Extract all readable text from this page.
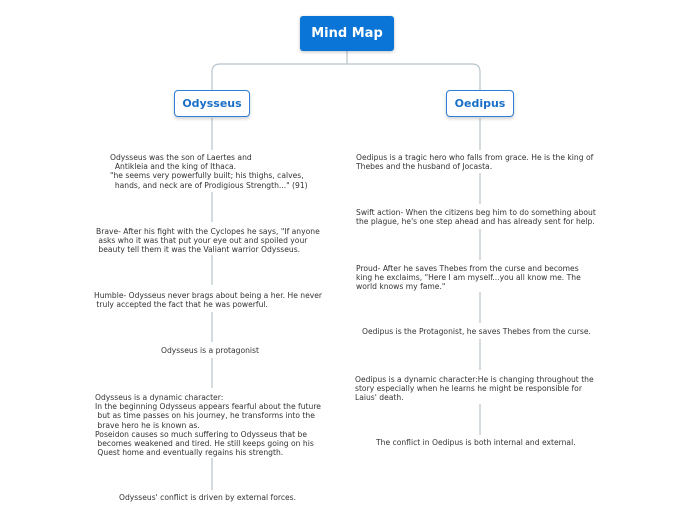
Mind Map
Odysseus	Oedipus
Odysseus was the son of Laertes and
Antikleia and the king of Ithaca.
"he seems very powerfully built; his thighs, calves,
hands, and neck are of Prodigious Strength..." (91)
Brave- After his fight with the Cyclopes he says, "If anyone
asks who it was that put your eye out and spoiled your
beauty tell them it was the Valiant warrior Odysseus.
Humble- Odysseus never brags about being a her. He never
truly accepted the fact that he was powerful.
Odysseus is a protagonist
Odysseus is a dynamic character:
In the beginning Odysseus appears fearful about the future
but as time passes on his journey, he transforms into the
brave hero he is known as.
Poseidon causes so much suffering to Odysseus that be
becomes weakened and tired. He still keeps going on his
Quest home and eventually regains his strength.
Odysseus' conflict is driven by external forces.
Oedipus is a tragic hero who falls from grace. He is the king of
Thebes and the husband of Jocasta.
Swift action- When the citizens beg him to do something about
the plague, he's one step ahead and has already sent for help.
Proud- After he saves Thebes from the curse and becomes
king he exclaims, "Here I am myself...you all know me. The
world knows my fame."
Oedipus is the Protagonist, he saves Thebes from the curse.
Oedipus is a dynamic character:He is changing throughout the
story especially when he learns he might be responsible for
Laius' death.
The conflict in Oedipus is both internal and external.
